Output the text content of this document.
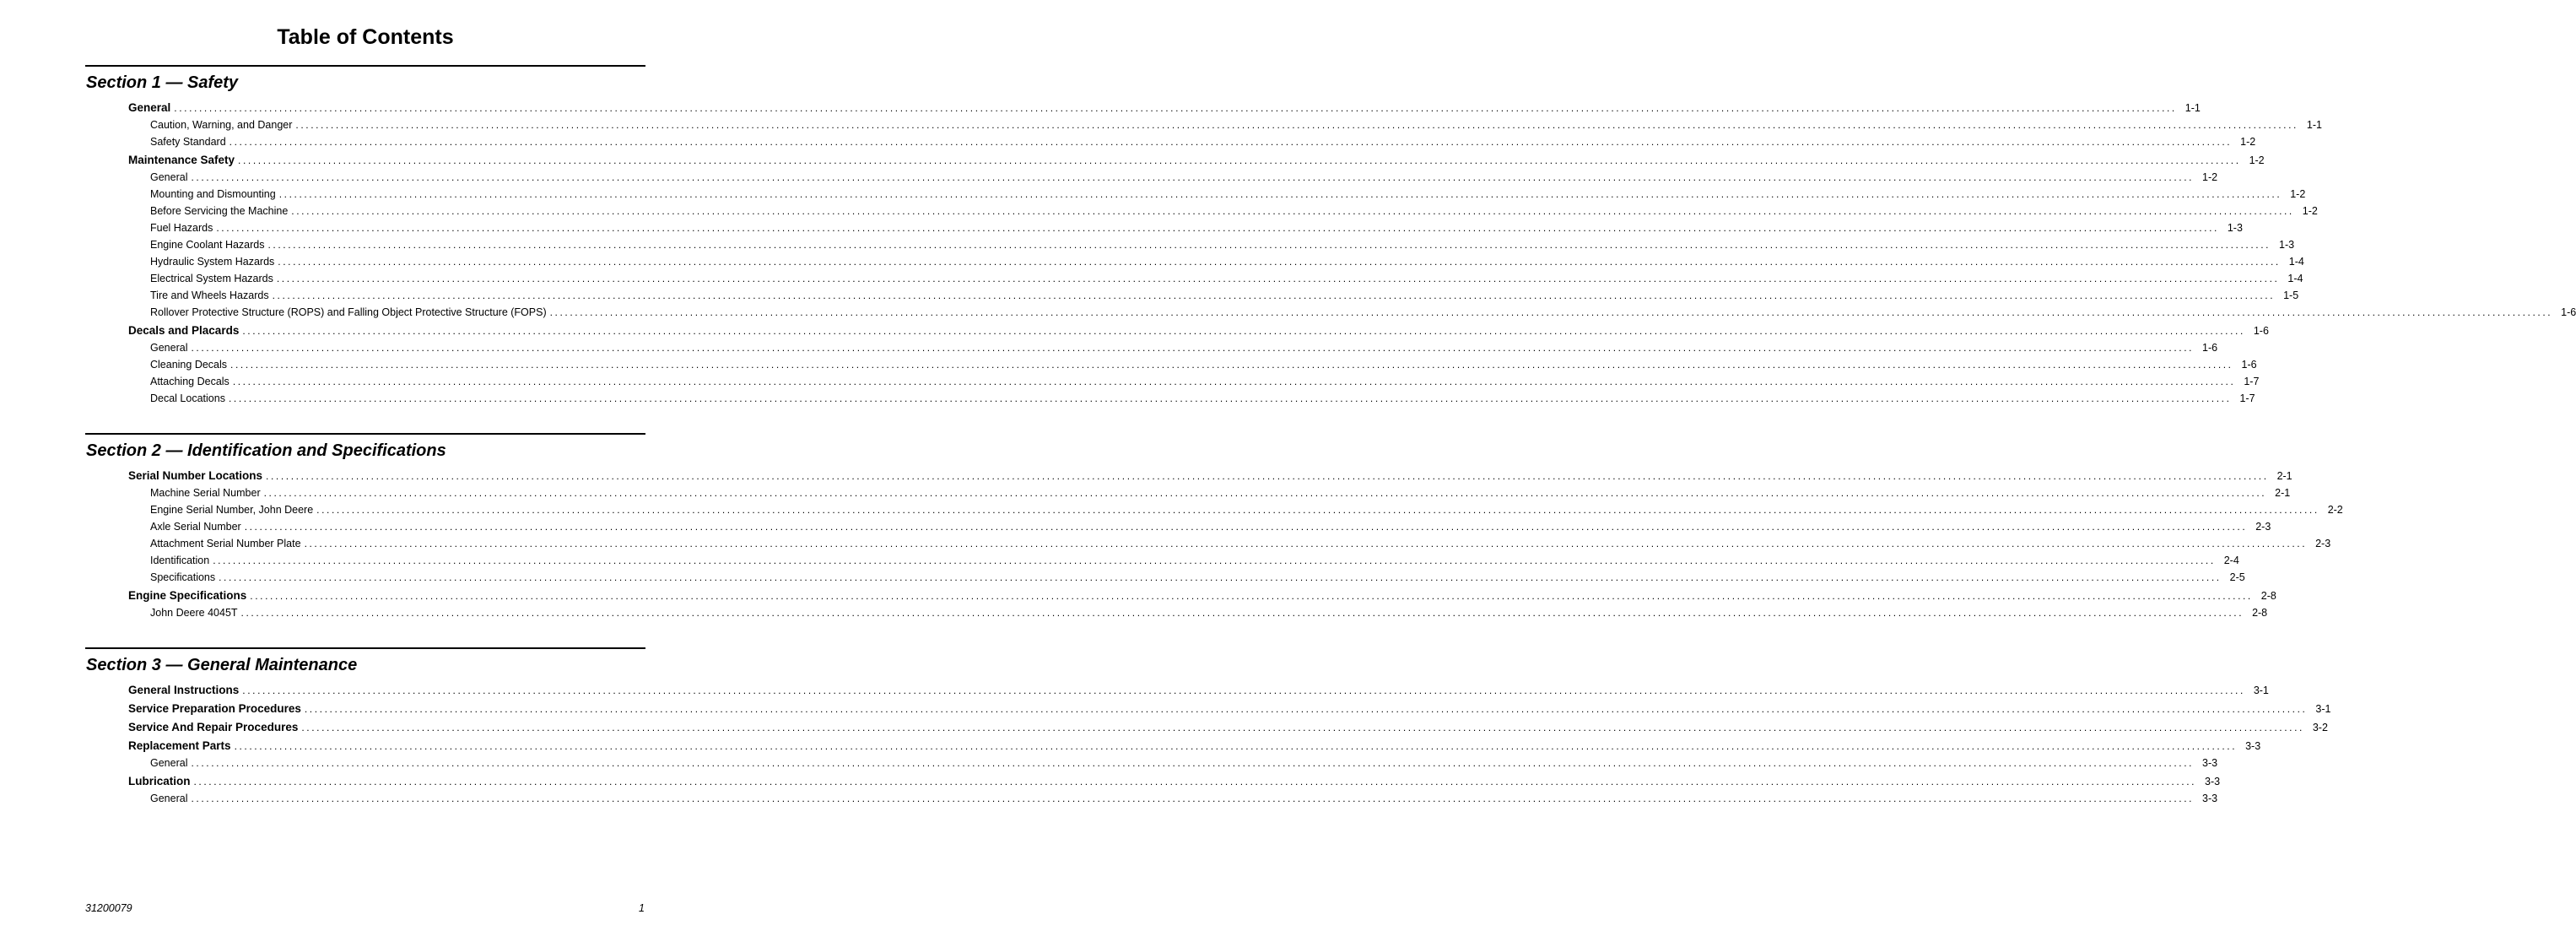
Table of Contents
Section 1 — Safety
General ................................................................................................................................................................................................................................................................................................................................................................................................................ 1-1
Caution, Warning, and Danger ................................................................................................................................................................................................................................................................................................................................................................................................................ 1-1
Safety Standard ................................................................................................................................................................................................................................................................................................................................................................................................................ 1-2
Maintenance Safety ................................................................................................................................................................................................................................................................................................................................................................................................................ 1-2
General ................................................................................................................................................................................................................................................................................................................................................................................................................ 1-2
Mounting and Dismounting ................................................................................................................................................................................................................................................................................................................................................................................................................ 1-2
Before Servicing the Machine ................................................................................................................................................................................................................................................................................................................................................................................................................ 1-2
Fuel Hazards ................................................................................................................................................................................................................................................................................................................................................................................................................ 1-3
Engine Coolant Hazards ................................................................................................................................................................................................................................................................................................................................................................................................................ 1-3
Hydraulic System Hazards ................................................................................................................................................................................................................................................................................................................................................................................................................ 1-4
Electrical System Hazards ................................................................................................................................................................................................................................................................................................................................................................................................................ 1-4
Tire and Wheels Hazards ................................................................................................................................................................................................................................................................................................................................................................................................................ 1-5
Rollover Protective Structure (ROPS) and Falling Object Protective Structure (FOPS) ................................................................................................................................................................................................................................................................................................................................................................................................................ 1-6
Decals and Placards ................................................................................................................................................................................................................................................................................................................................................................................................................ 1-6
General ................................................................................................................................................................................................................................................................................................................................................................................................................ 1-6
Cleaning Decals ................................................................................................................................................................................................................................................................................................................................................................................................................ 1-6
Attaching Decals ................................................................................................................................................................................................................................................................................................................................................................................................................ 1-7
Decal Locations ................................................................................................................................................................................................................................................................................................................................................................................................................ 1-7
Section 2 — Identification and Specifications
Serial Number Locations ................................................................................................................................................................................................................................................................................................................................................................................................................ 2-1
Machine Serial Number ................................................................................................................................................................................................................................................................................................................................................................................................................ 2-1
Engine Serial Number, John Deere ................................................................................................................................................................................................................................................................................................................................................................................................................ 2-2
Axle Serial Number ................................................................................................................................................................................................................................................................................................................................................................................................................ 2-3
Attachment Serial Number Plate ................................................................................................................................................................................................................................................................................................................................................................................................................ 2-3
Identification ................................................................................................................................................................................................................................................................................................................................................................................................................ 2-4
Specifications ................................................................................................................................................................................................................................................................................................................................................................................................................ 2-5
Engine Specifications ................................................................................................................................................................................................................................................................................................................................................................................................................ 2-8
John Deere 4045T ................................................................................................................................................................................................................................................................................................................................................................................................................ 2-8
Section 3 — General Maintenance
General Instructions ................................................................................................................................................................................................................................................................................................................................................................................................................ 3-1
Service Preparation Procedures ................................................................................................................................................................................................................................................................................................................................................................................................................ 3-1
Service And Repair Procedures ................................................................................................................................................................................................................................................................................................................................................................................................................ 3-2
Replacement Parts ................................................................................................................................................................................................................................................................................................................................................................................................................ 3-3
General ................................................................................................................................................................................................................................................................................................................................................................................................................ 3-3
Lubrication ................................................................................................................................................................................................................................................................................................................................................................................................................ 3-3
General ................................................................................................................................................................................................................................................................................................................................................................................................................ 3-3
31200079	1
